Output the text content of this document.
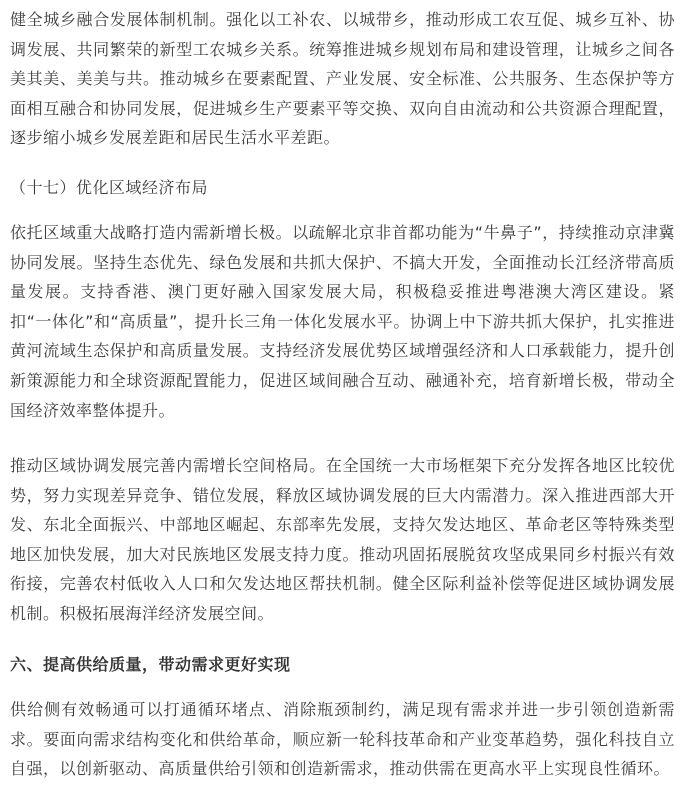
健全城乡融合发展体制机制。强化以工补农、以城带乡，推动形成工农互促、城乡互补、协调发展、共同繁荣的新型工农城乡关系。统筹推进城乡规划布局和建设管理，让城乡之间各美其美、美美与共。推动城乡在要素配置、产业发展、安全标准、公共服务、生态保护等方面相互融合和协同发展，促进城乡生产要素平等交换、双向自由流动和公共资源合理配置，逐步缩小城乡发展差距和居民生活水平差距。

（十七）优化区域经济布局

依托区域重大战略打造内需新增长极。以疏解北京非首都功能为“牛鼻子”，持续推动京津冀协同发展。坚持生态优先、绿色发展和共抓大保护、不搞大开发，全面推动长江经济带高质量发展。支持香港、澳门更好融入国家发展大局，积极稳妥推进粤港澳大湾区建设。紧扣“一体化”和“高质量”，提升长三角一体化发展水平。协调上中下游共抓大保护，扎实推进黄河流域生态保护和高质量发展。支持经济发展优势区域增强经济和人口承载能力，提升创新策源能力和全球资源配置能力，促进区域间融合互动、融通补充，培育新增长极，带动全国经济效率整体提升。

推动区域协调发展完善内需增长空间格局。在全国统一大市场框架下充分发挥各地区比较优势，努力实现差异竞争、错位发展，释放区域协调发展的巨大内需潜力。深入推进西部大开发、东北全面振兴、中部地区崛起、东部率先发展，支持欠发达地区、革命老区等特殊类型地区加快发展，加大对民族地区发展支持力度。推动巩固拓展脱贫攻坚成果同乡村振兴有效衔接，完善农村低收入人口和欠发达地区帮扶机制。健全区际利益补偿等促进区域协调发展机制。积极拓展海洋经济发展空间。

六、提高供给质量，带动需求更好实现

供给侧有效畅通可以打通循环堵点、消除瓶颈制约，满足现有需求并进一步引领创造新需求。要面向需求结构变化和供给革命，顺应新一轮科技革命和产业变革趋势，强化科技自立自强，以创新驱动、高质量供给引领和创造新需求，推动供需在更高水平上实现良性循环。
